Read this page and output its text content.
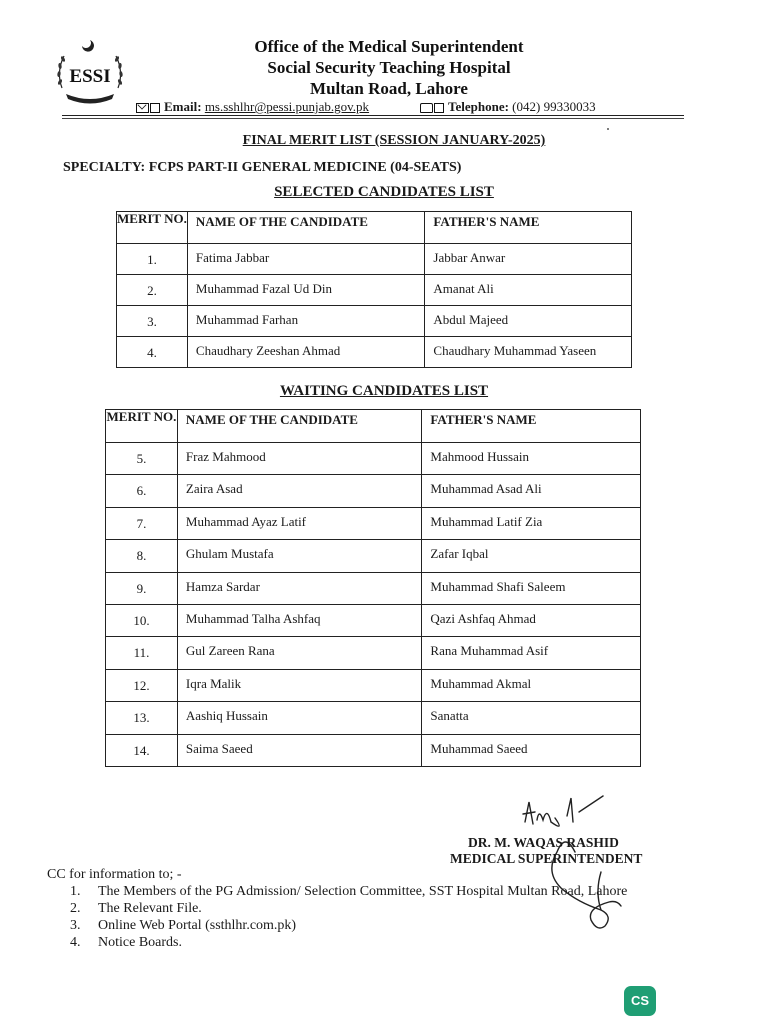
ESSI
Office of the Medical Superintendent
Social Security Teaching Hospital
Multan Road, Lahore
Email: ms.sshlhr@pessi.punjab.gov.pk	Telephone: (042) 99330033
FINAL MERIT LIST (SESSION JANUARY-2025)
SPECIALTY: FCPS PART-II GENERAL MEDICINE (04-SEATS)
SELECTED CANDIDATES LIST
MERIT NO.	NAME OF THE CANDIDATE	FATHER'S NAME
1.	Fatima Jabbar	Jabbar Anwar
2.	Muhammad Fazal Ud Din	Amanat Ali
3.	Muhammad Farhan	Abdul Majeed
4.	Chaudhary Zeeshan Ahmad	Chaudhary Muhammad Yaseen
WAITING CANDIDATES LIST
MERIT NO.	NAME OF THE CANDIDATE	FATHER'S NAME
5.	Fraz Mahmood	Mahmood Hussain
6.	Zaira Asad	Muhammad Asad Ali
7.	Muhammad Ayaz Latif	Muhammad Latif Zia
8.	Ghulam Mustafa	Zafar Iqbal
9.	Hamza Sardar	Muhammad Shafi Saleem
10.	Muhammad Talha Ashfaq	Qazi Ashfaq Ahmad
11.	Gul Zareen Rana	Rana Muhammad Asif
12.	Iqra Malik	Muhammad Akmal
13.	Aashiq Hussain	Sanatta
14.	Saima Saeed	Muhammad Saeed
DR. M. WAQAS RASHID
MEDICAL SUPERINTENDENT
CC for information to; -
1. The Members of the PG Admission/ Selection Committee, SST Hospital Multan Road, Lahore
2. The Relevant File.
3. Online Web Portal (ssthlhr.com.pk)
4. Notice Boards.
CS
